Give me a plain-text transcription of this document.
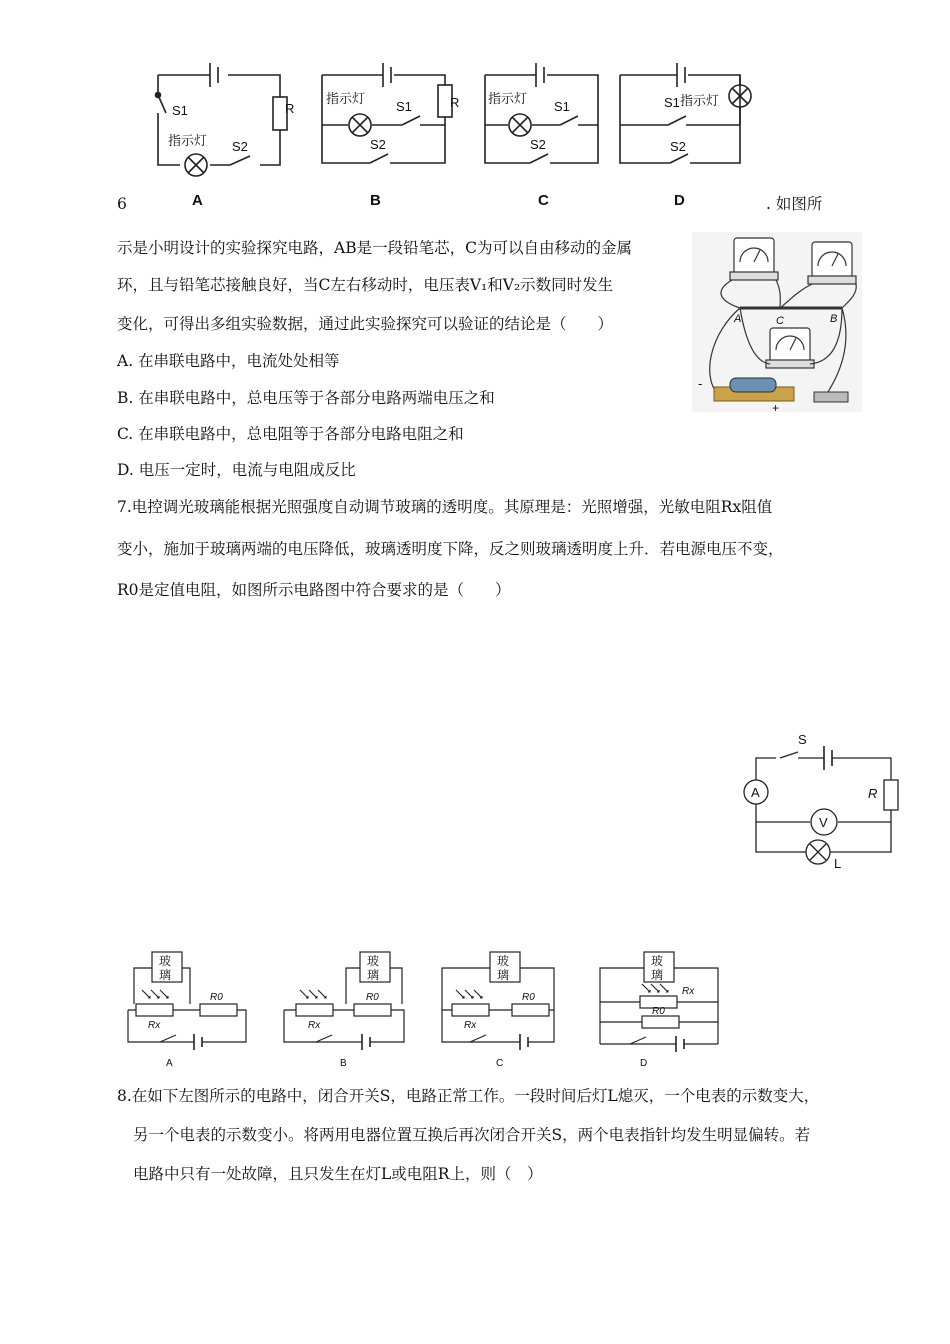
S1
指示灯 S2
R
指示灯 S1
S2
R 指示灯 S1
S2
S1 指示灯
S2
A	B	C	D
6	. 如图所
示是小明设计的实验探究电路，AB是一段铅笔芯，C为可以自由移动的金属
环，且与铅笔芯接触良好，当C左右移动时，电压表V₁和V₂示数同时发生
变化，可得出多组实验数据，通过此实验探究可以验证的结论是（　　）
A. 在串联电路中，电流处处相等
B. 在串联电路中，总电压等于各部分电路两端电压之和
C. 在串联电路中，总电阻等于各部分电路电阻之和
D. 电压一定时，电流与电阻成反比
A	C	B
-
+
7.电控调光玻璃能根据光照强度自动调节玻璃的透明度。其原理是：光照增强，光敏电阻Rx阻值
变小，施加于玻璃两端的电压降低，玻璃透明度下降，反之则玻璃透明度上升．若电源电压不变，
R0是定值电阻，如图所示电路图中符合要求的是（　　）
S
R
A
V
L
玻
璃
玻
璃
玻
璃
玻
璃
Rx
R0
Rx
R0
Rx
R0
Rx
R0
A	B	C	D
8.在如下左图所示的电路中，闭合开关S，电路正常工作。一段时间后灯L熄灭，一个电表的示数变大，
另一个电表的示数变小。将两用电器位置互换后再次闭合开关S，两个电表指针均发生明显偏转。若
电路中只有一处故障，且只发生在灯L或电阻R上，则（　）
